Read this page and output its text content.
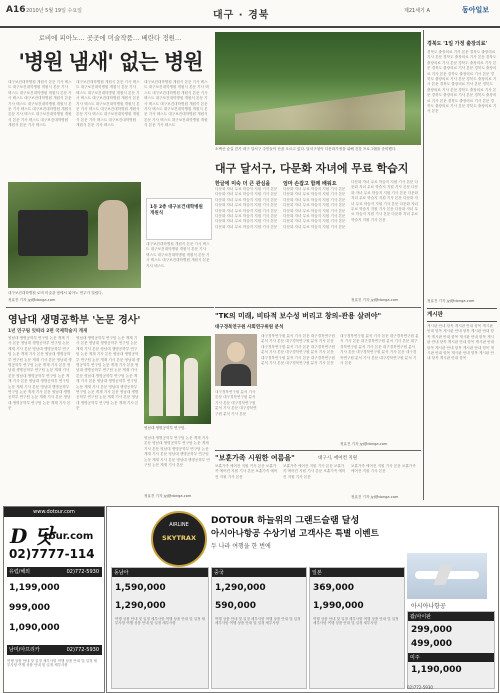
A16 2010년 5월 19일 수요일	대구 · 경북	제21세기 A	동아일보
로비에 피아노… 곳곳에 미술작품… 베란다 정원…
'병원 냄새' 없는 병원
대구보건대학병원 개원식 본문 기사 텍스트 대구보건대학병원 개원식 본문 기사 텍스트 대구보건대학병원 개원식 본문 기사 텍스트 대구보건대학병원 개원식 본문 기사 텍스트 대구보건대학병원 개원식 본문 기사 텍스트 대구보건대학병원 개원식 본문 기사 텍스트 대구보건대학병원 개원식 본문 기사 텍스트 대구보건대학병원 개원식 본문 기사 텍스트
대구보건대학병원 개원식 본문 기사 텍스트 대구보건대학병원 개원식 본문 기사 텍스트 대구보건대학병원 개원식 본문 기사 텍스트 대구보건대학병원 개원식 본문 기사 텍스트 대구보건대학병원 개원식 본문 기사 텍스트 대구보건대학병원 개원식 본문 기사 텍스트 대구보건대학병원 개원식 본문 기사 텍스트 대구보건대학병원 개원식 본문 기사 텍스트
대구보건대학병원 개원식 본문 기사 텍스트 대구보건대학병원 개원식 본문 기사 텍스트 대구보건대학병원 개원식 본문 기사 텍스트 대구보건대학병원 개원식 본문 기사 텍스트 대구보건대학병원 개원식 본문 기사 텍스트 대구보건대학병원 개원식 본문 기사 텍스트 대구보건대학병원 개원식 본문 기사 텍스트 대구보건대학병원 개원식 본문 기사 텍스트
1동 2층 대구보건대학병원 개원식
대구보건대학병원 개원식 본문 기사 텍스트 대구보건대학병원 개원식 본문 기사 텍스트 대구보건대학병원 개원식 본문 기사 텍스트 대구보건대학병원 개원식 본문 기사 텍스트
대구보건대학병원 로비 미술관 옆에서 피아노 연주가 열렸다.
정효진 기자 jyj@donga.com
영남대 생명공학부 '논문 경사'
1년 연구팀 잇따라 2편 국제학술지 게재
영남대 생명공학부 연구팀 논문 게재 기사 본문 영남대 생명공학부 연구팀 논문 게재 기사 본문 영남대 생명공학부 연구팀 논문 게재 기사 본문 영남대 생명공학부 연구팀 논문 게재 기사 본문 영남대 생명공학부 연구팀 논문 게재 기사 본문 영남대 생명공학부 연구팀 논문 게재 기사 본문 영남대 생명공학부 연구팀 논문 게재 기사 본문 영남대 생명공학부 연구팀 논문 게재 기사 본문 영남대 생명공학부 연구팀 논문 게재 기사 본문 영남대 생명공학부 연구팀 논문 게재 기사 본문 영남대 생명공학부 연구팀 논문 게재 기사 본문
영남대 생명공학부 연구팀 논문 게재 기사 본문 영남대 생명공학부 연구팀 논문 게재 기사 본문 영남대 생명공학부 연구팀 논문 게재 기사 본문 영남대 생명공학부 연구팀 논문 게재 기사 본문 영남대 생명공학부 연구팀 논문 게재 기사 본문 영남대 생명공학부 연구팀 논문 게재 기사 본문 영남대 생명공학부 연구팀 논문 게재 기사 본문 영남대 생명공학부 연구팀 논문 게재 기사 본문 영남대 생명공학부 연구팀 논문 게재 기사 본문 영남대 생명공학부 연구팀 논문 게재 기사 본문 영남대 생명공학부 연구팀 논문 게재 기사 본문
영남대 생명공학부 연구팀.
영남대 생명공학부 연구팀 논문 게재 기사 본문 영남대 생명공학부 연구팀 논문 게재 기사 본문 영남대 생명공학부 연구팀 논문 게재 기사 본문 영남대 생명공학부 연구팀 논문 게재 기사 본문 영남대 생명공학부 연구팀 논문 게재 기사 본문
정효진 기자 jyj@donga.com
소백산 숲길 걷기 대구 달서구 주민들이 산을 오르고 있다. 달서구청이 다문화가정을 위해 건강 프로그램을 준비했다.
대구 달서구, 다문화 자녀에 무료 학습지
한글에 미숙 더 큰 관심을
다문화 자녀 무료 학습지 지원 기사 본문 다문화 자녀 무료 학습지 지원 기사 본문 다문화 자녀 무료 학습지 지원 기사 본문 다문화 자녀 무료 학습지 지원 기사 본문 다문화 자녀 무료 학습지 지원 기사 본문 다문화 자녀 무료 학습지 지원 기사 본문 다문화 자녀 무료 학습지 지원 기사 본문 다문화 자녀 무료 학습지 지원 기사 본문
엄마 손잡고 함께 배워요
다문화 자녀 무료 학습지 지원 기사 본문 다문화 자녀 무료 학습지 지원 기사 본문 다문화 자녀 무료 학습지 지원 기사 본문 다문화 자녀 무료 학습지 지원 기사 본문 다문화 자녀 무료 학습지 지원 기사 본문 다문화 자녀 무료 학습지 지원 기사 본문 다문화 자녀 무료 학습지 지원 기사 본문 다문화 자녀 무료 학습지 지원 기사 본문
다문화 자녀 무료 학습지 지원 기사 본문 다문화 자녀 무료 학습지 지원 기사 본문 다문화 자녀 무료 학습지 지원 기사 본문 다문화 자녀 무료 학습지 지원 기사 본문 다문화 자녀 무료 학습지 지원 기사 본문 다문화 자녀 무료 학습지 지원 기사 본문 다문화 자녀 무료 학습지 지원 기사 본문 다문화 자녀 무료 학습지 지원 기사 본문
정효진 기자 jyj@donga.com
"TK의 미래, 비타적 보수성 버리고 창의-관용 살려야"
대구경북연구원 사회연구위원 분석
대구경북연구원 분석 기사 본문 대구경북연구원 분석 기사 본문 대구경북연구원 분석 기사 본문 대구경북연구원 분석 기사 본문
대구경북연구원 분석 기사 본문 대구경북연구원 분석 기사 본문 대구경북연구원 분석 기사 본문 대구경북연구원 분석 기사 본문 대구경북연구원 분석 기사 본문 대구경북연구원 분석 기사 본문 대구경북연구원 분석 기사 본문 대구경북연구원 분석 기사 본문 대구경북연구원 분석 기사 본문
대구경북연구원 분석 기사 본문 대구경북연구원 분석 기사 본문 대구경북연구원 분석 기사 본문 대구경북연구원 분석 기사 본문 대구경북연구원 분석 기사 본문 대구경북연구원 분석 기사 본문 대구경북연구원 분석 기사 본문 대구경북연구원 분석 기사 본문
정효진 기자 jyj@donga.com
"보훈가족 시원한 여름을"	대구시, 에어컨 지원
보훈가족 에어컨 지원 기사 본문 보훈가족 에어컨 지원 기사 본문 보훈가족 에어컨 지원 기사 본문
보훈가족 에어컨 지원 기사 본문 보훈가족 에어컨 지원 기사 본문 보훈가족 에어컨 지원 기사 본문
보훈가족 에어컨 지원 기사 본문 보훈가족 에어컨 지원 기사 본문
정효진 기자 jyj@donga.com
경북도 '1일 가정 출장의료'
경북도 출장의료 기사 본문 경북도 출장의료 기사 본문 경북도 출장의료 기사 본문 경북도 출장의료 기사 본문 경북도 출장의료 기사 본문 경북도 출장의료 기사 본문 경북도 출장의료 기사 본문 경북도 출장의료 기사 본문 경북도 출장의료 기사 본문 경북도 출장의료 기사 본문 경북도 출장의료 기사 본문 경북도 출장의료 기사 본문 경북도 출장의료 기사 본문 경북도 출장의료 기사 본문 경북도 출장의료 기사 본문 경북도 출장의료 기사 본문 경북도 출장의료 기사 본문 경북도 출장의료 기사 본문
정효진 기자 jyj@donga.com
게시판
게시판 안내 항목 게시판 안내 항목 게시판 안내 항목 게시판 안내 항목 게시판 안내 항목 게시판 안내 항목 게시판 안내 항목 게시판 안내 항목 게시판 안내 항목 게시판 안내 항목 게시판 안내 항목 게시판 안내 항목 게시판 안내 항목 게시판 안내 항목 게시판 안내 항목 게시판 안내 항목
www.dotour.com
D 닷
tour.com
02)7777-114
유럽/해외	02)772-5930
1,199,000
999,000
1,090,000
남미/아프리카	02)772-5930
여행 상품 안내 및 일정 세부사항 여행 상품 안내 및 일정 세부사항 여행 상품 안내 및 일정 세부사항
AIRLINE
SKYTRAX
DOTOUR 하늘위의 그랜드슬램 달성
아시아나항공 수상기념 고객사은 특별 이벤트
두 나라 여행을 한 번에
아시아나항공
동남아
1,590,000
1,290,000
여행 상품 안내 및 일정 세부사항 여행 상품 안내 및 일정 세부사항 여행 상품 안내 및 일정 세부사항
중국
1,290,000
590,000
여행 상품 안내 및 일정 세부사항 여행 상품 안내 및 일정 세부사항 여행 상품 안내 및 일정 세부사항
일본
369,000
1,990,000
여행 상품 안내 및 일정 세부사항 여행 상품 안내 및 일정 세부사항 여행 상품 안내 및 일정 세부사항
괌/사이판
299,000
499,000
미주
1,190,000
02)772-5930
